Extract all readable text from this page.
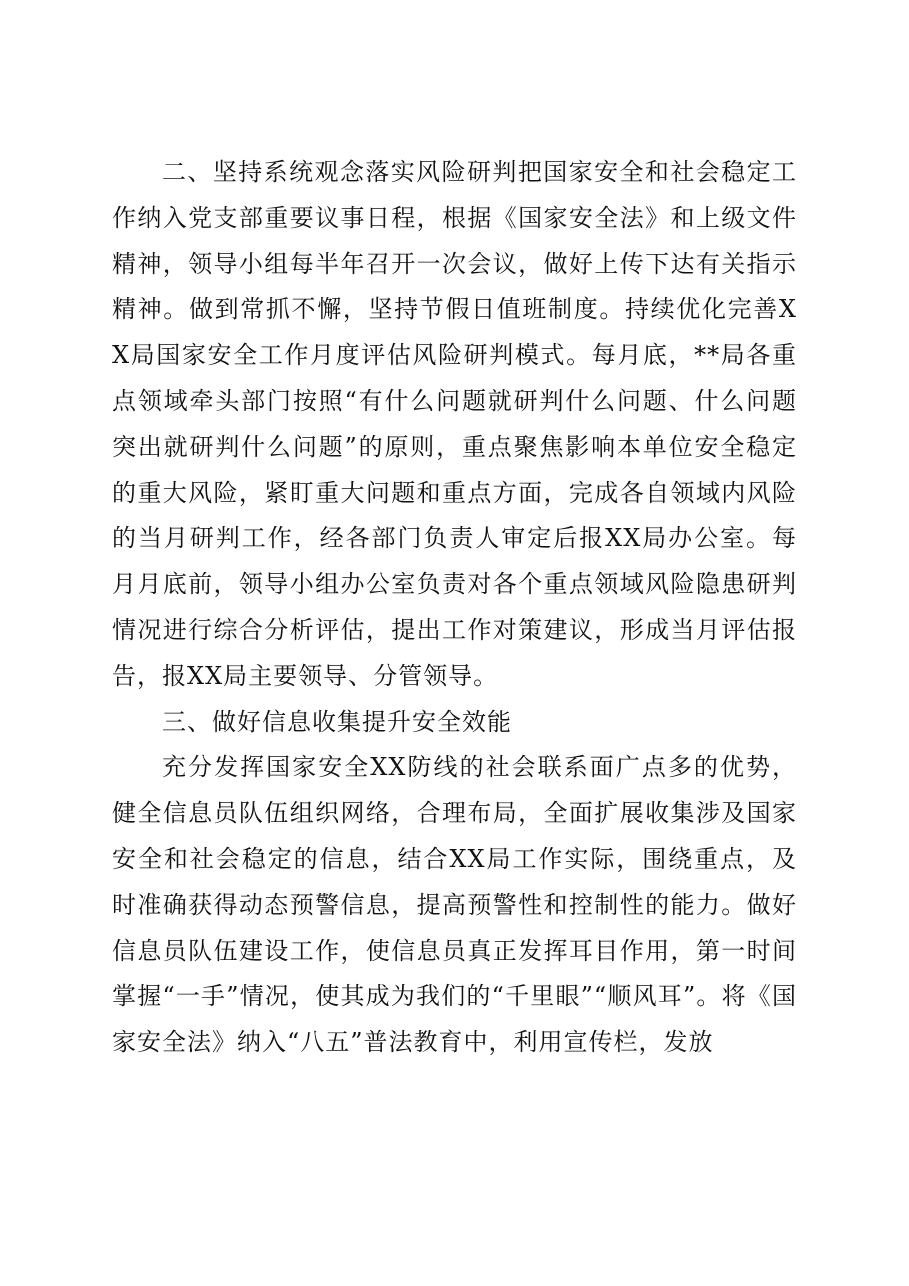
二、坚持系统观念落实风险研判把国家安全和社会稳定工作纳入党支部重要议事日程，根据《国家安全法》和上级文件精神，领导小组每半年召开一次会议，做好上传下达有关指示精神。做到常抓不懈，坚持节假日值班制度。持续优化完善XX局国家安全工作月度评估风险研判模式。每月底，**局各重点领域牵头部门按照“有什么问题就研判什么问题、什么问题突出就研判什么问题”的原则，重点聚焦影响本单位安全稳定的重大风险，紧盯重大问题和重点方面，完成各自领域内风险的当月研判工作，经各部门负责人审定后报XX局办公室。每月月底前，领导小组办公室负责对各个重点领域风险隐患研判情况进行综合分析评估，提出工作对策建议，形成当月评估报告，报XX局主要领导、分管领导。

三、做好信息收集提升安全效能

充分发挥国家安全XX防线的社会联系面广点多的优势，健全信息员队伍组织网络，合理布局，全面扩展收集涉及国家安全和社会稳定的信息，结合XX局工作实际，围绕重点，及时准确获得动态预警信息，提高预警性和控制性的能力。做好信息员队伍建设工作，使信息员真正发挥耳目作用，第一时间掌握“一手”情况，使其成为我们的“千里眼”“顺风耳”。将《国家安全法》纳入“八五”普法教育中，利用宣传栏，发放
